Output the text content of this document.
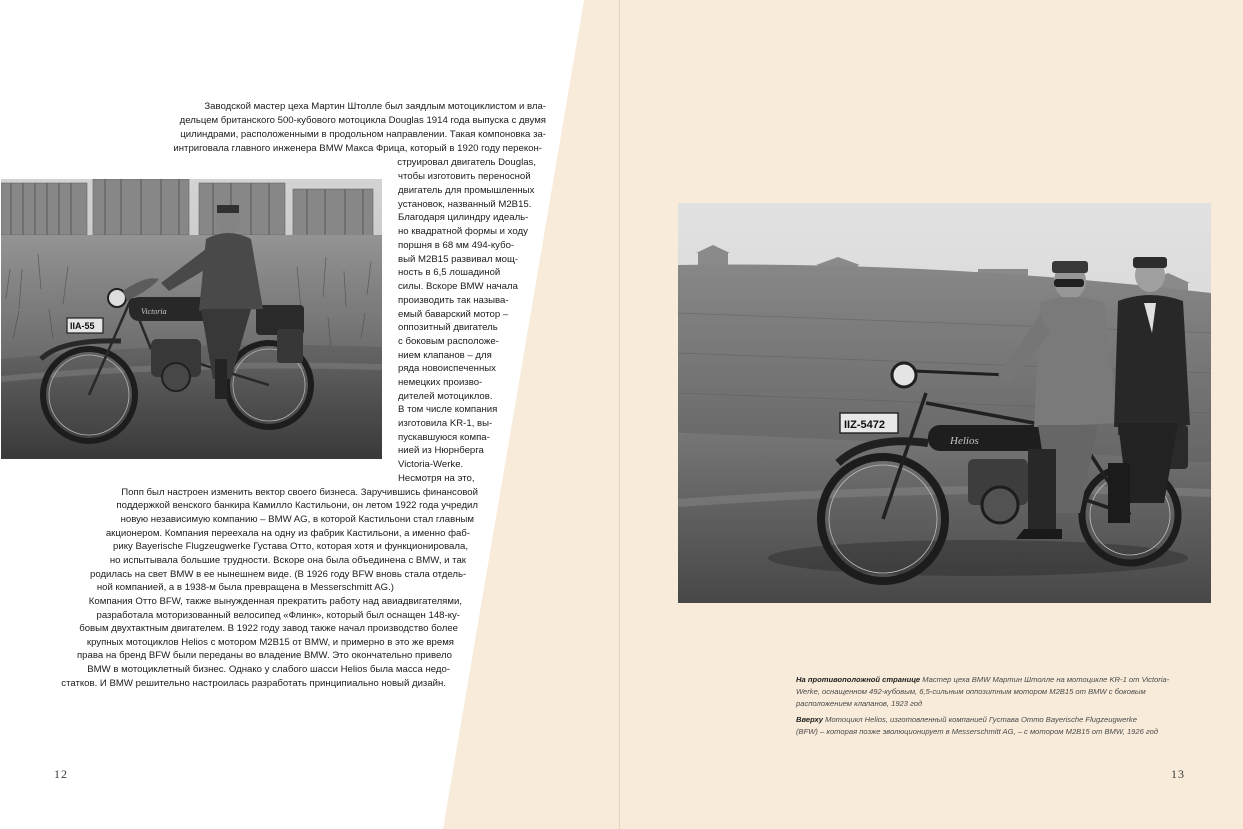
Victoria
IIA-55
Заводской мастер цеха Мартин Штолле был заядлым мотоциклистом и вла-
дельцем британского 500‑кубового мотоцикла Douglas 1914 года выпуска с двумя
цилиндрами, расположенными в продольном направлении. Такая компоновка за-
интриговала главного инженера BMW Макса Фрица, который в 1920 году перекон-
струировал двигатель Douglas,
чтобы изготовить переносной
двигатель для промышленных
установок, названный M2B15.
Благодаря цилиндру идеаль-
но квадратной формы и ходу
поршня в 68 мм 494-кубо-
вый M2B15 развивал мощ-
ность в 6,5 лошадиной
силы. Вскоре BMW начала
производить так называ-
емый баварский мотор –
оппозитный двигатель
с боковым расположе-
нием клапанов – для
ряда новоиспеченных
немецких произво-
дителей мотоциклов.
В том числе компания
изготовила KR-1, вы-
пускавшуюся компа-
нией из Нюрнберга
Victoria‑Werke.
Несмотря на это,
Попп был настроен изменить вектор своего бизнеса. Заручившись финансовой
поддержкой венского банкира Камилло Кастильони, он летом 1922 года учредил
новую независимую компанию – BMW AG, в которой Кастильони стал главным
акционером. Компания переехала на одну из фабрик Кастильони, а именно фаб-
рику Bayerische Flugzeugwerke Густава Отто, которая хотя и функционировала,
но испытывала большие трудности. Вскоре она была объединена с BMW, и так
родилась на свет BMW в ее нынешнем виде. (В 1926 году BFW вновь стала отдель-
ной компанией, а в 1938-м была превращена в Messerschmitt AG.)
Компания Отто BFW, также вынужденная прекратить работу над авиадвигателями,
разработала моторизованный велосипед «Флинк», который был оснащен 148-ку-
бовым двухтактным двигателем. В 1922 году завод также начал производство более
крупных мотоциклов Helios с мотором M2B15 от BMW, и примерно в это же время
права на бренд BFW были переданы во владение BMW. Это окончательно привело
BMW в мотоциклетный бизнес. Однако у слабого шасси Helios была масса недо-
статков. И BMW решительно настроилась разработать принципиально новый дизайн.
12
Helios
IIZ-5472
На противоположной странице Мастер цеха BMW Мартин Штолле на мотоцикле KR-1 от Victoria-
Werke, оснащенном 492‑кубовым, 6,5‑сильным оппозитным мотором M2B15 от BMW с боковым
расположением клапанов, 1923 год
Вверху Мотоцикл Helios, изготовленный компанией Густава Отто Bayerische Flugzeugwerke
(BFW) – которая позже эволюционирует в Messerschmitt AG, – с мотором M2B15 от BMW, 1926 год
13
